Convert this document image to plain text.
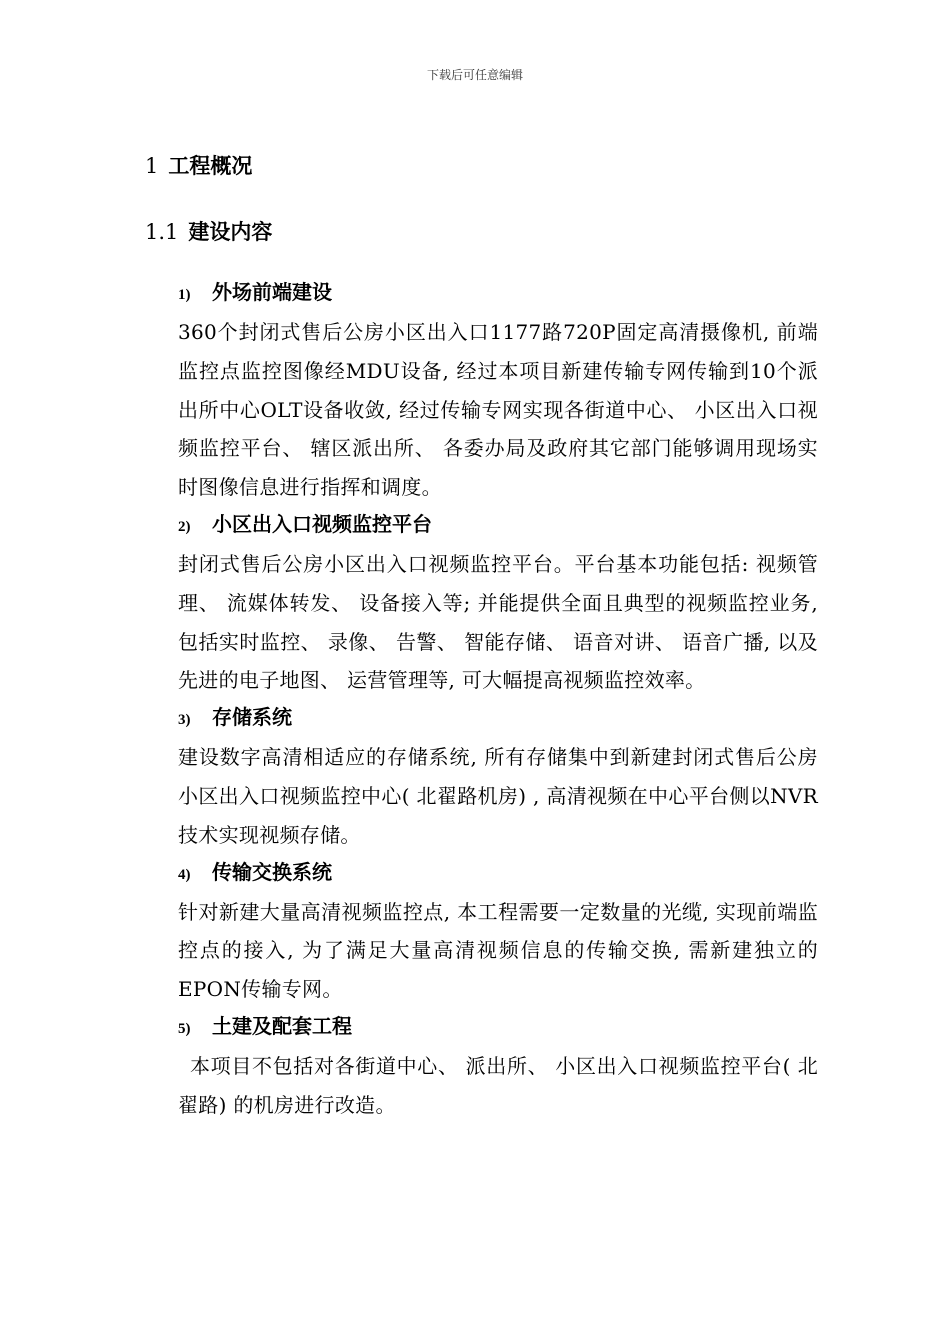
下载后可任意编辑
1 工程概况
1.1 建设内容
1) 外场前端建设

360个封闭式售后公房小区出入口1177路720P固定高清摄像机, 前端监控点监控图像经MDU设备, 经过本项目新建传输专网传输到10个派出所中心OLT设备收敛, 经过传输专网实现各街道中心、 小区出入口视频监控平台、 辖区派出所、 各委办局及政府其它部门能够调用现场实时图像信息进行指挥和调度。

2) 小区出入口视频监控平台

封闭式售后公房小区出入口视频监控平台。平台基本功能包括: 视频管理、 流媒体转发、 设备接入等; 并能提供全面且典型的视频监控业务, 包括实时监控、 录像、 告警、 智能存储、 语音对讲、 语音广播, 以及先进的电子地图、 运营管理等, 可大幅提高视频监控效率。

3) 存储系统

建设数字高清相适应的存储系统, 所有存储集中到新建封闭式售后公房小区出入口视频监控中心( 北翟路机房) , 高清视频在中心平台侧以NVR技术实现视频存储。

4) 传输交换系统

针对新建大量高清视频监控点, 本工程需要一定数量的光缆, 实现前端监控点的接入, 为了满足大量高清视频信息的传输交换, 需新建独立的EPON传输专网。

5) 土建及配套工程

本项目不包括对各街道中心、 派出所、 小区出入口视频监控平台( 北翟路) 的机房进行改造。
